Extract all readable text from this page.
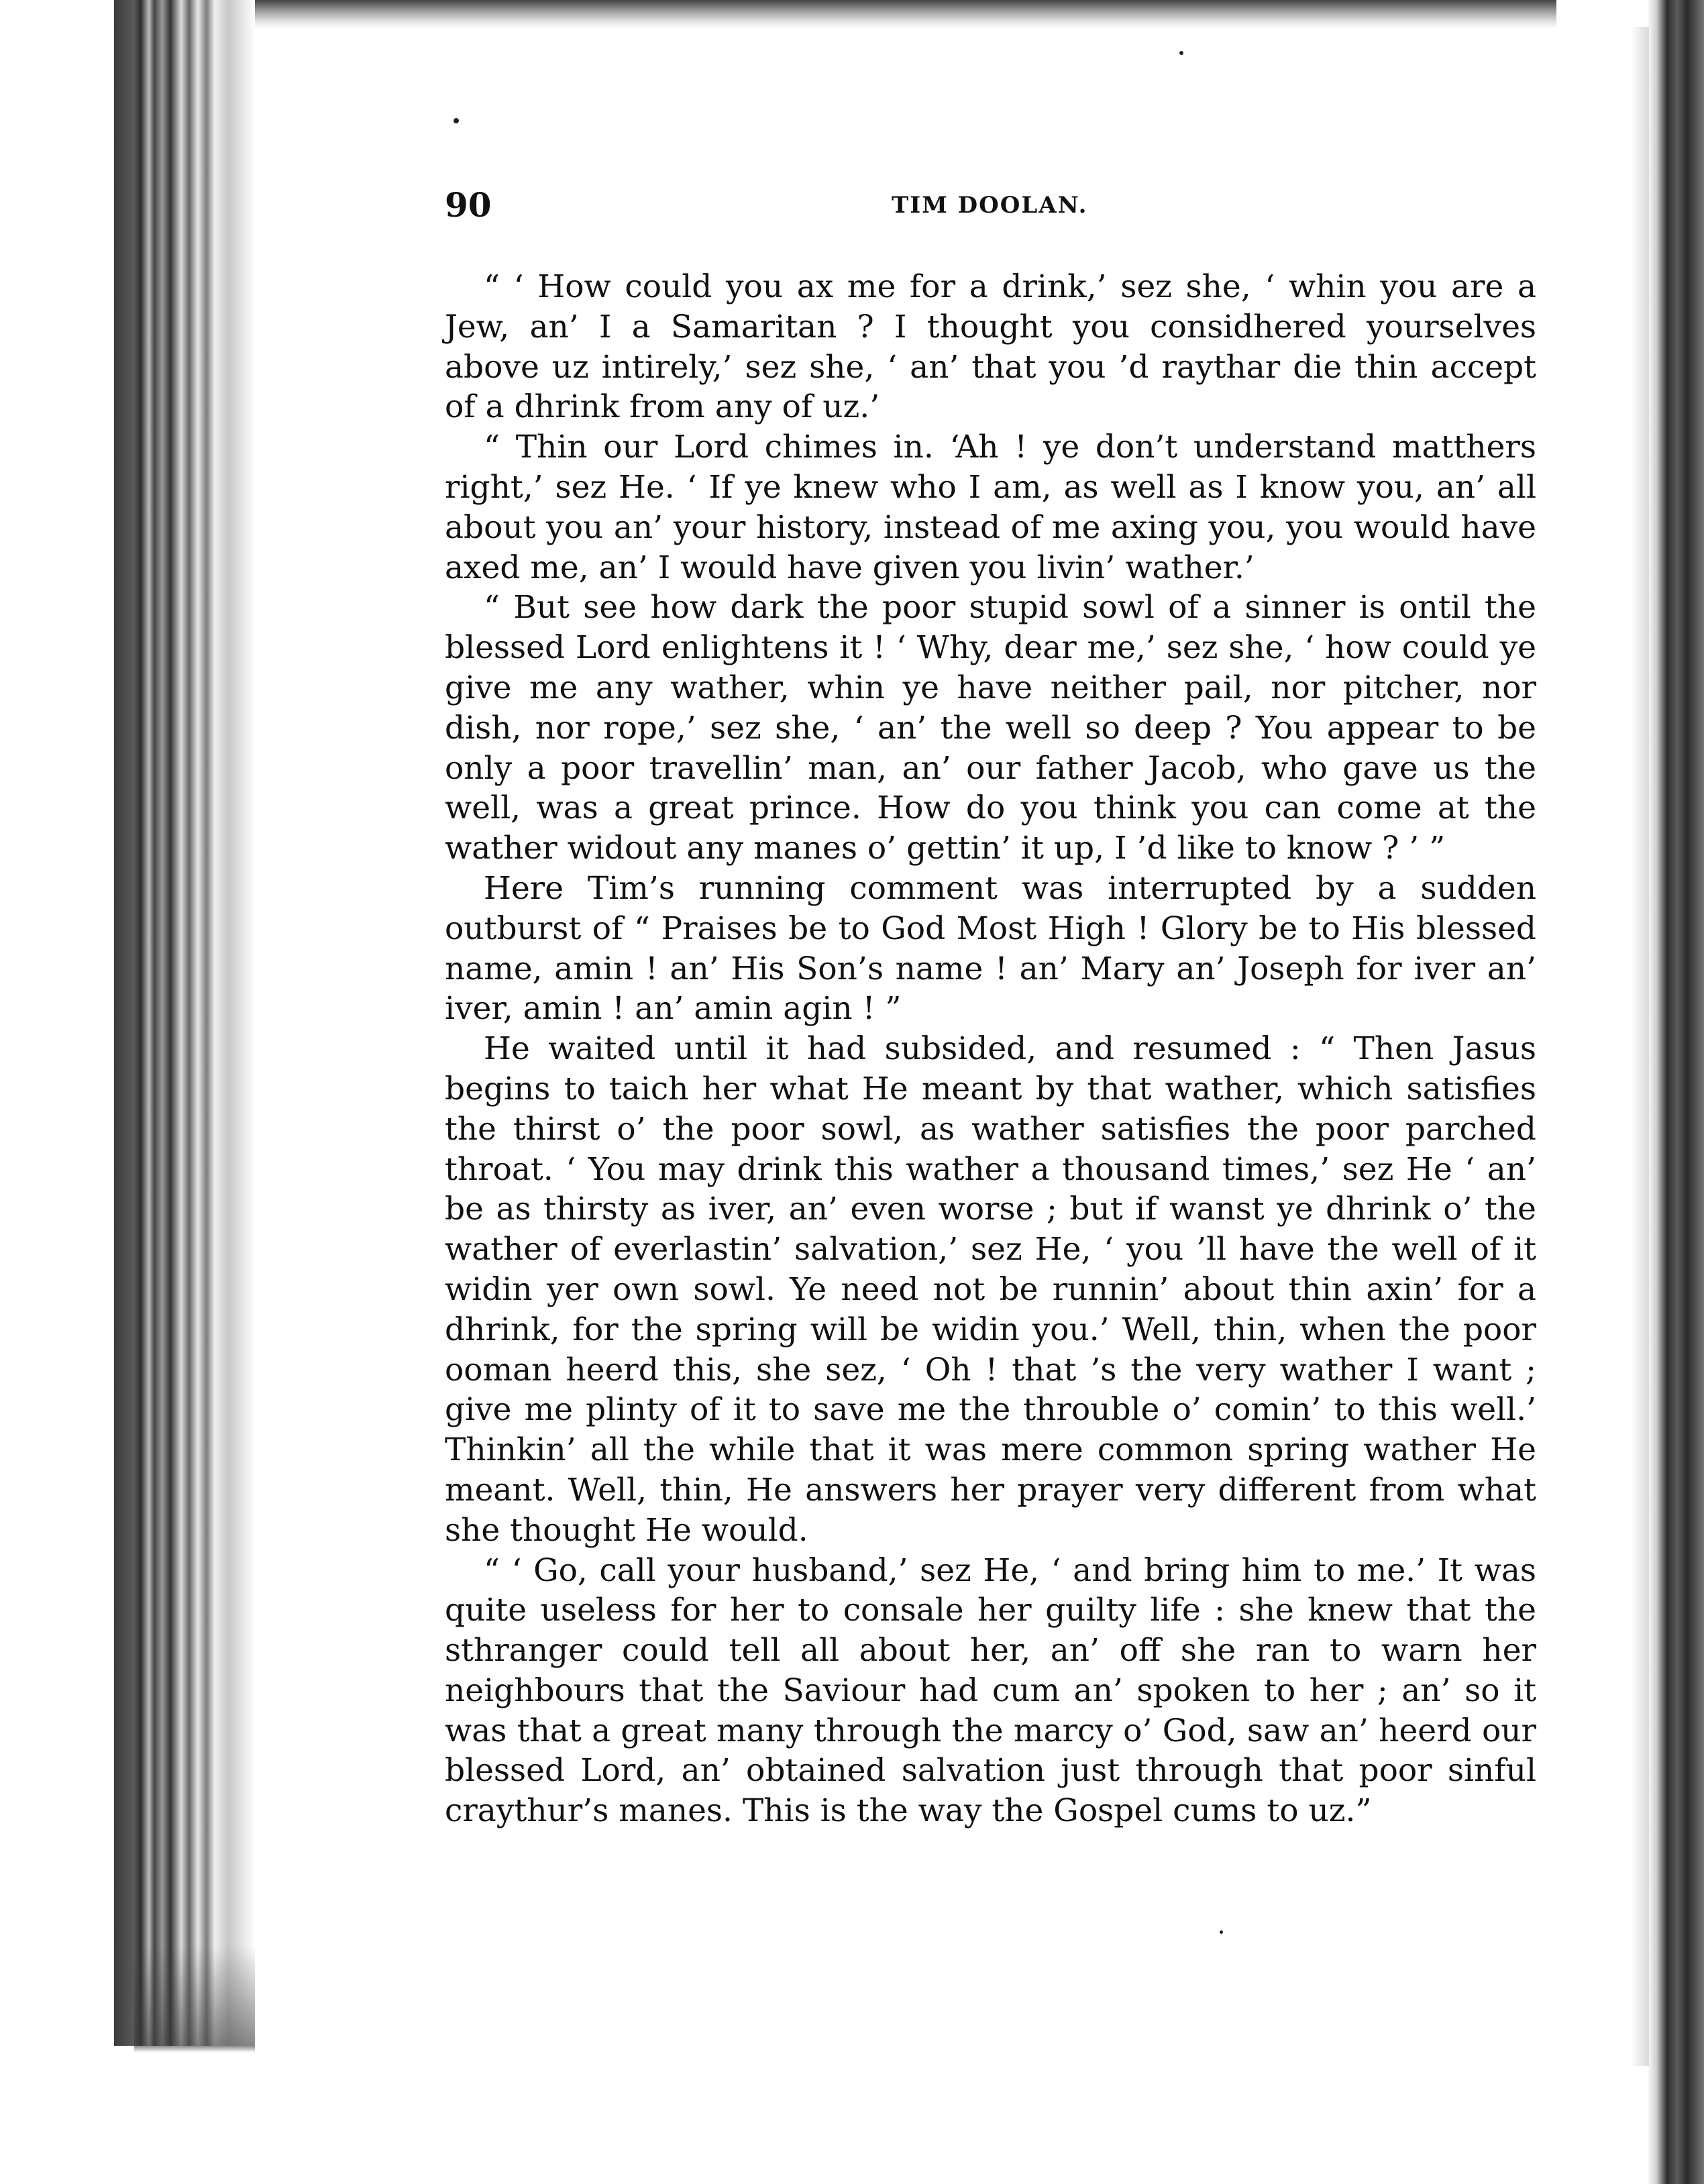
90	TIM DOOLAN.

“ ‘ How could you ax me for a drink,’ sez she, ‘ whin you are a Jew, an’ I a Samaritan ? I thought you considhered yourselves above uz intirely,’ sez she, ‘ an’ that you ’d raythar die thin accept of a dhrink from any of uz.’

“ Thin our Lord chimes in. ‘Ah ! ye don’t understand matthers right,’ sez He. ‘ If ye knew who I am, as well as I know you, an’ all about you an’ your history, instead of me axing you, you would have axed me, an’ I would have given you livin’ wather.’

“ But see how dark the poor stupid sowl of a sinner is ontil the blessed Lord enlightens it ! ‘ Why, dear me,’ sez she, ‘ how could ye give me any wather, whin ye have neither pail, nor pitcher, nor dish, nor rope,’ sez she, ‘ an’ the well so deep ? You appear to be only a poor travellin’ man, an’ our father Jacob, who gave us the well, was a great prince. How do you think you can come at the wather widout any manes o’ gettin’ it up, I ’d like to know ? ’ ”

Here Tim’s running comment was interrupted by a sudden outburst of “ Praises be to God Most High ! Glory be to His blessed name, amin ! an’ His Son’s name ! an’ Mary an’ Joseph for iver an’ iver, amin ! an’ amin agin ! ”

He waited until it had subsided, and resumed : “ Then Jasus begins to taich her what He meant by that wather, which satisfies the thirst o’ the poor sowl, as wather satisfies the poor parched throat. ‘ You may drink this wather a thousand times,’ sez He ‘ an’ be as thirsty as iver, an’ even worse ; but if wanst ye dhrink o’ the wather of everlastin’ salvation,’ sez He, ‘ you ’ll have the well of it widin yer own sowl. Ye need not be runnin’ about thin axin’ for a dhrink, for the spring will be widin you.’ Well, thin, when the poor ooman heerd this, she sez, ‘ Oh ! that ’s the very wather I want ; give me plinty of it to save me the throuble o’ comin’ to this well.’ Thinkin’ all the while that it was mere common spring wather He meant. Well, thin, He answers her prayer very different from what she thought He would.

“ ‘ Go, call your husband,’ sez He, ‘ and bring him to me.’ It was quite useless for her to consale her guilty life : she knew that the sthranger could tell all about her, an’ off she ran to warn her neighbours that the Saviour had cum an’ spoken to her ; an’ so it was that a great many through the marcy o’ God, saw an’ heerd our blessed Lord, an’ obtained salvation just through that poor sinful craythur’s manes. This is the way the Gospel cums to uz.”
